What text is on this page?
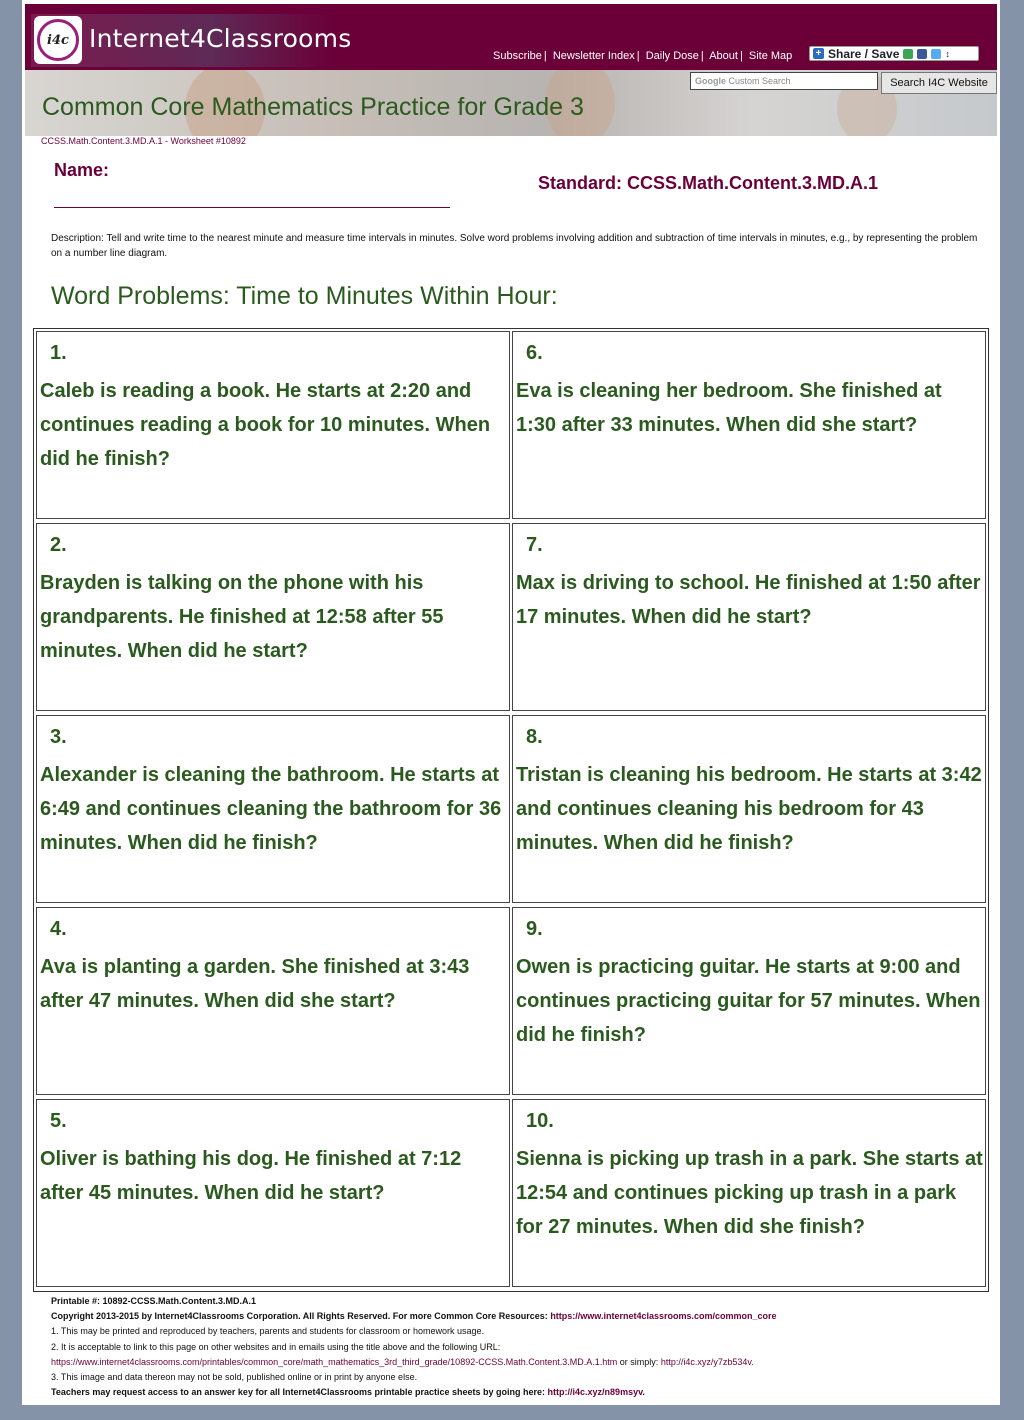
i4c Internet4Classrooms
Subscribe | Newsletter Index | Daily Dose | About | Site Map + Share / Save	↕
Google Custom Search	Search I4C Website
Common Core Mathematics Practice for Grade 3
CCSS.Math.Content.3.MD.A.1 - Worksheet #10892
Name:
Standard: CCSS.Math.Content.3.MD.A.1
Description: Tell and write time to the nearest minute and measure time intervals in minutes. Solve word problems involving addition and subtraction of time intervals in minutes, e.g., by representing the problem on a number line diagram.
Word Problems: Time to Minutes Within Hour:
1.
Caleb is reading a book. He starts at 2:20 and continues reading a book for 10 minutes. When did he finish?
2.
Brayden is talking on the phone with his grandparents. He finished at 12:58 after 55 minutes. When did he start?
3.
Alexander is cleaning the bathroom. He starts at 6:49 and continues cleaning the bathroom for 36 minutes. When did he finish?
4.
Ava is planting a garden. She finished at 3:43 after 47 minutes. When did she start?
5.
Oliver is bathing his dog. He finished at 7:12 after 45 minutes. When did he start?
6.
Eva is cleaning her bedroom. She finished at 1:30 after 33 minutes. When did she start?
7.
Max is driving to school. He finished at 1:50 after 17 minutes. When did he start?
8.
Tristan is cleaning his bedroom. He starts at 3:42 and continues cleaning his bedroom for 43 minutes. When did he finish?
9.
Owen is practicing guitar. He starts at 9:00 and continues practicing guitar for 57 minutes. When did he finish?
10.
Sienna is picking up trash in a park. She starts at 12:54 and continues picking up trash in a park for 27 minutes. When did she finish?
Printable #: 10892-CCSS.Math.Content.3.MD.A.1
Copyright 2013-2015 by Internet4Classrooms Corporation. All Rights Reserved. For more Common Core Resources: https://www.internet4classrooms.com/common_core
1. This may be printed and reproduced by teachers, parents and students for classroom or homework usage.
2. It is acceptable to link to this page on other websites and in emails using the title above and the following URL:
https://www.internet4classrooms.com/printables/common_core/math_mathematics_3rd_third_grade/10892-CCSS.Math.Content.3.MD.A.1.htm or simply: http://i4c.xyz/y7zb534v.
3. This image and data thereon may not be sold, published online or in print by anyone else.
Teachers may request access to an answer key for all Internet4Classrooms printable practice sheets by going here: http://i4c.xyz/n89msyv.
